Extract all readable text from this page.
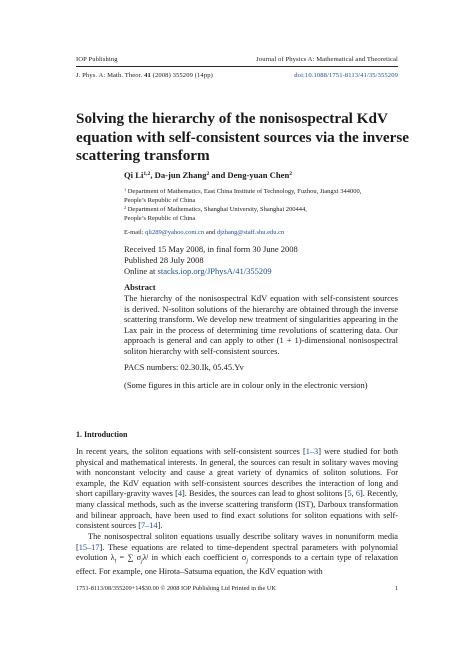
IOP Publishing	Journal of Physics A: Mathematical and Theoretical
J. Phys. A: Math. Theor. 41 (2008) 355209 (14pp)	doi:10.1088/1751-8113/41/35/355209
Solving the hierarchy of the nonisospectral KdV equation with self-consistent sources via the inverse scattering transform
Qi Li$^{1,2}$, Da-jun Zhang$^2$ and Deng-yuan Chen$^2$
$^1$ Department of Mathematics, East China Institute of Technology, Fuzhou, Jiangxi 344000,
People’s Republic of China
$^2$ Department of Mathematics, Shanghai University, Shanghai 200444,
People’s Republic of China
E-mail: qli289@yahoo.com.cn and djzhang@staff.shu.edu.cn
Received 15 May 2008, in final form 30 June 2008
Published 28 July 2008
Online at stacks.iop.org/JPhysA/41/355209
Abstract
The hierarchy of the nonisospectral KdV equation with self-consistent sources is derived. N-soliton solutions of the hierarchy are obtained through the inverse scattering transform. We develop new treatment of singularities appearing in the Lax pair in the process of determining time revolutions of scattering data. Our approach is general and can apply to other (1 + 1)-dimensional nonisospectral soliton hierarchy with self-consistent sources.
PACS numbers: 02.30.Ik, 05.45.Yv
(Some figures in this article are in colour only in the electronic version)
1. Introduction
In recent years, the soliton equations with self-consistent sources [1–3] were studied for both physical and mathematical interests. In general, the sources can result in solitary waves moving with nonconstant velocity and cause a great variety of dynamics of soliton solutions. For example, the KdV equation with self-consistent sources describes the interaction of long and short capillary-gravity waves [4]. Besides, the sources can lead to ghost solitons [5, 6]. Recently, many classical methods, such as the inverse scattering transform (IST), Darboux transformation and bilinear approach, have been used to find exact solutions for soliton equations with self-consistent sources [7–14].
The nonisospectral soliton equations usually describe solitary waves in nonuniform media [15–17]. These equations are related to time-dependent spectral parameters with polynomial evolution $\lambda_t$ = ∑ $\sigma_j\lambda^j$ in which each coefficient $\sigma_j$ corresponds to a certain type of relaxation effect. For example, one Hirota–Satsuma equation, the KdV equation with
1751-8113/08/355209+14$30.00 © 2008 IOP Publishing Ltd Printed in the UK	1
